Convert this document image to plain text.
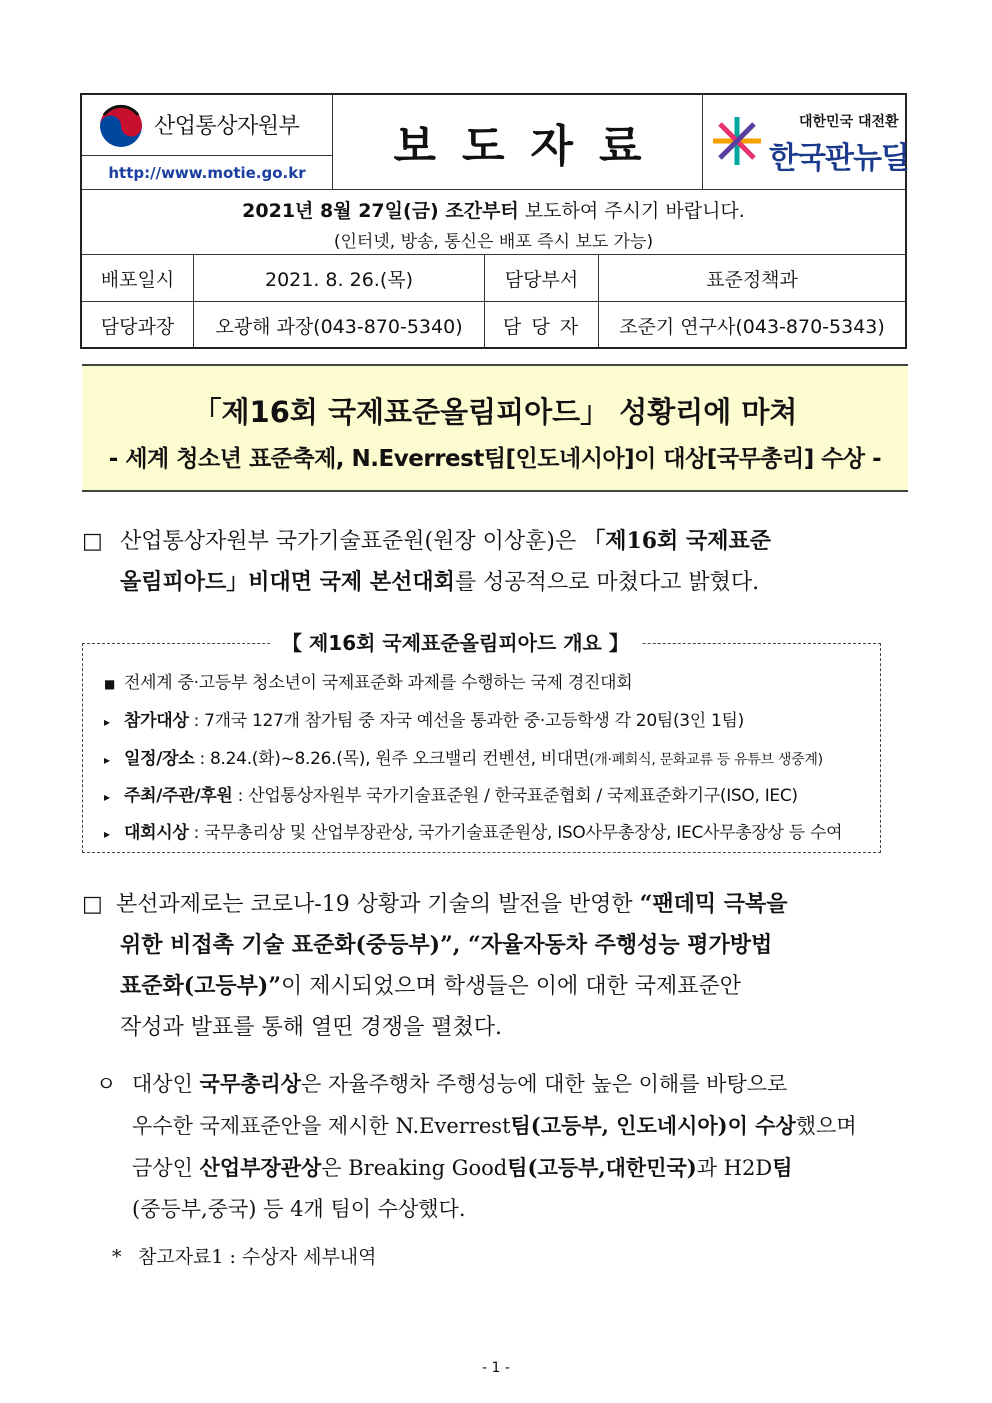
산업통상자원부
http://www.motie.go.kr
보도자료	대한민국 대전환
한국판뉴딜
2021년 8월 27일(금) 조간부터 보도하여 주시기 바랍니다.
(인터넷, 방송, 통신은 배포 즉시 보도 가능)
배포일시	2021. 8. 26.(목)	담당부서	표준정책과
담당과장	오광해 과장(043-870-5340)	담 당 자	조준기 연구사(043-870-5343)
「제16회 국제표준올림피아드」 성황리에 마쳐
- 세계 청소년 표준축제, N.Everrest팀[인도네시아]이 대상[국무총리] 수상 -
□ 산업통상자원부 국가기술표준원(원장 이상훈)은 「제16회 국제표준
올림피아드」비대면 국제 본선대회를 성공적으로 마쳤다고 밝혔다.
【 제16회 국제표준올림피아드 개요 】
■ 전세계 중·고등부 청소년이 국제표준화 과제를 수행하는 국제 경진대회
▸ 참가대상 : 7개국 127개 참가팀 중 자국 예선을 통과한 중·고등학생 각 20팀(3인 1팀)
▸ 일정/장소 : 8.24.(화)~8.26.(목), 원주 오크밸리 컨벤션, 비대면(개·폐회식, 문화교류 등 유튜브 생중계)
▸ 주최/주관/후원 : 산업통상자원부 국가기술표준원 / 한국표준협회 / 국제표준화기구(ISO, IEC)
▸ 대회시상 : 국무총리상 및 산업부장관상, 국가기술표준원상, ISO사무총장상, IEC사무총장상 등 수여
□ 본선과제로는 코로나-19 상황과 기술의 발전을 반영한 “팬데믹 극복을
위한 비접촉 기술 표준화(중등부)”, “자율자동차 주행성능 평가방법
표준화(고등부)”이 제시되었으며 학생들은 이에 대한 국제표준안
작성과 발표를 통해 열띤 경쟁을 펼쳤다.
ㅇ 대상인 국무총리상은 자율주행차 주행성능에 대한 높은 이해를 바탕으로
우수한 국제표준안을 제시한 N.Everrest팀(고등부, 인도네시아)이 수상했으며
금상인 산업부장관상은 Breaking Good팀(고등부,대한민국)과 H2D팀
(중등부,중국) 등 4개 팀이 수상했다.
* 참고자료1 : 수상자 세부내역
- 1 -
